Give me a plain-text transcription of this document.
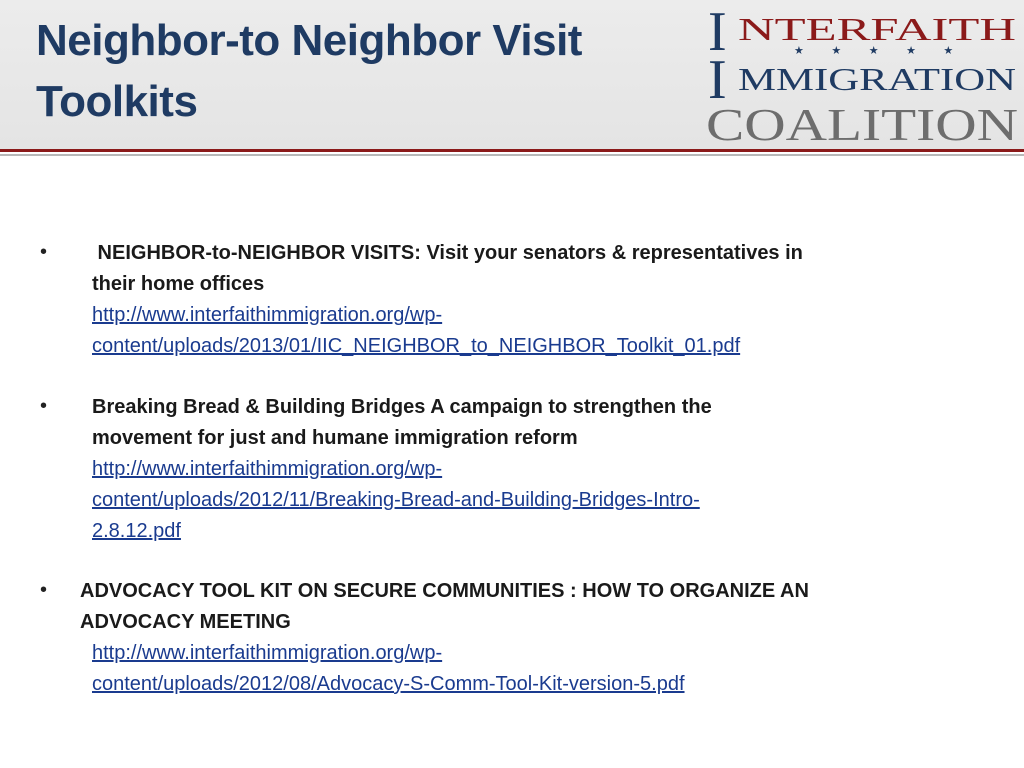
Neighbor-to Neighbor Visit
Toolkits
I NTERFAITH
★ ★ ★ ★ ★
I MMIGRATION
COALITION
• NEIGHBOR-to-NEIGHBOR VISITS: Visit your senators & representatives in
their home offices
http://www.interfaithimmigration.org/wp-
content/uploads/2013/01/IIC_NEIGHBOR_to_NEIGHBOR_Toolkit_01.pdf
• Breaking Bread & Building Bridges A campaign to strengthen the
movement for just and humane immigration reform
http://www.interfaithimmigration.org/wp-
content/uploads/2012/11/Breaking-Bread-and-Building-Bridges-Intro-
2.8.12.pdf
• ADVOCACY TOOL KIT ON SECURE COMMUNITIES : HOW TO ORGANIZE AN
ADVOCACY MEETING
http://www.interfaithimmigration.org/wp-
content/uploads/2012/08/Advocacy-S-Comm-Tool-Kit-version-5.pdf
